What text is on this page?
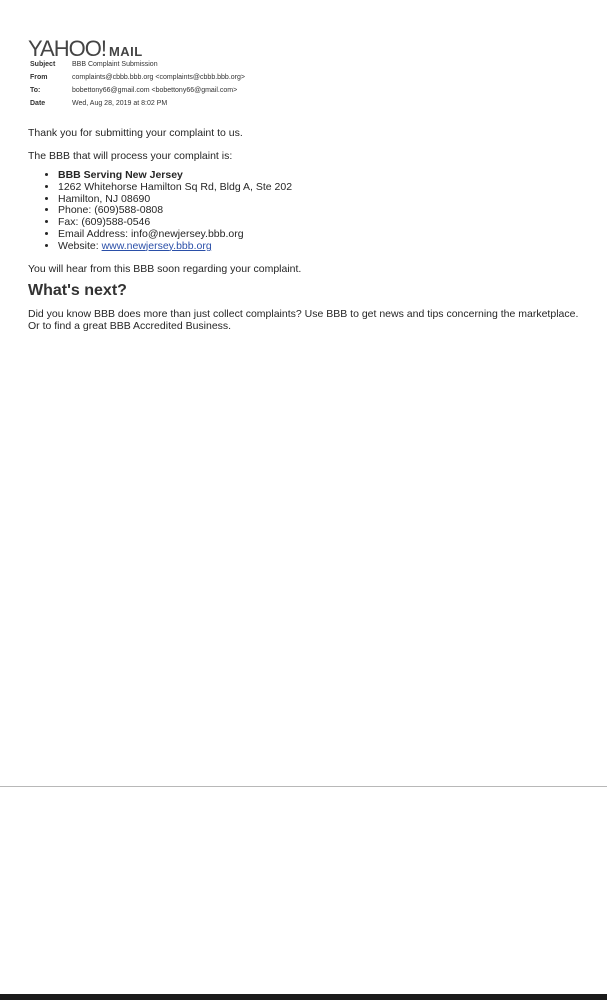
YAHOO! MAIL
Subject	BBB Complaint Submission
From	complaints@cbbb.bbb.org <complaints@cbbb.bbb.org>
To:	bobettony66@gmail.com <bobettony66@gmail.com>
Date	Wed, Aug 28, 2019 at 8:02 PM

Thank you for submitting your complaint to us.

The BBB that will process your complaint is:

• BBB Serving New Jersey
• 1262 Whitehorse Hamilton Sq Rd, Bldg A, Ste 202
• Hamilton, NJ 08690
• Phone: (609)588-0808
• Fax: (609)588-0546
• Email Address: info@newjersey.bbb.org
• Website: www.newjersey.bbb.org

You will hear from this BBB soon regarding your complaint.

What's next?

Did you know BBB does more than just collect complaints? Use BBB to get news and tips concerning the marketplace. Or to find a great BBB Accredited Business.
